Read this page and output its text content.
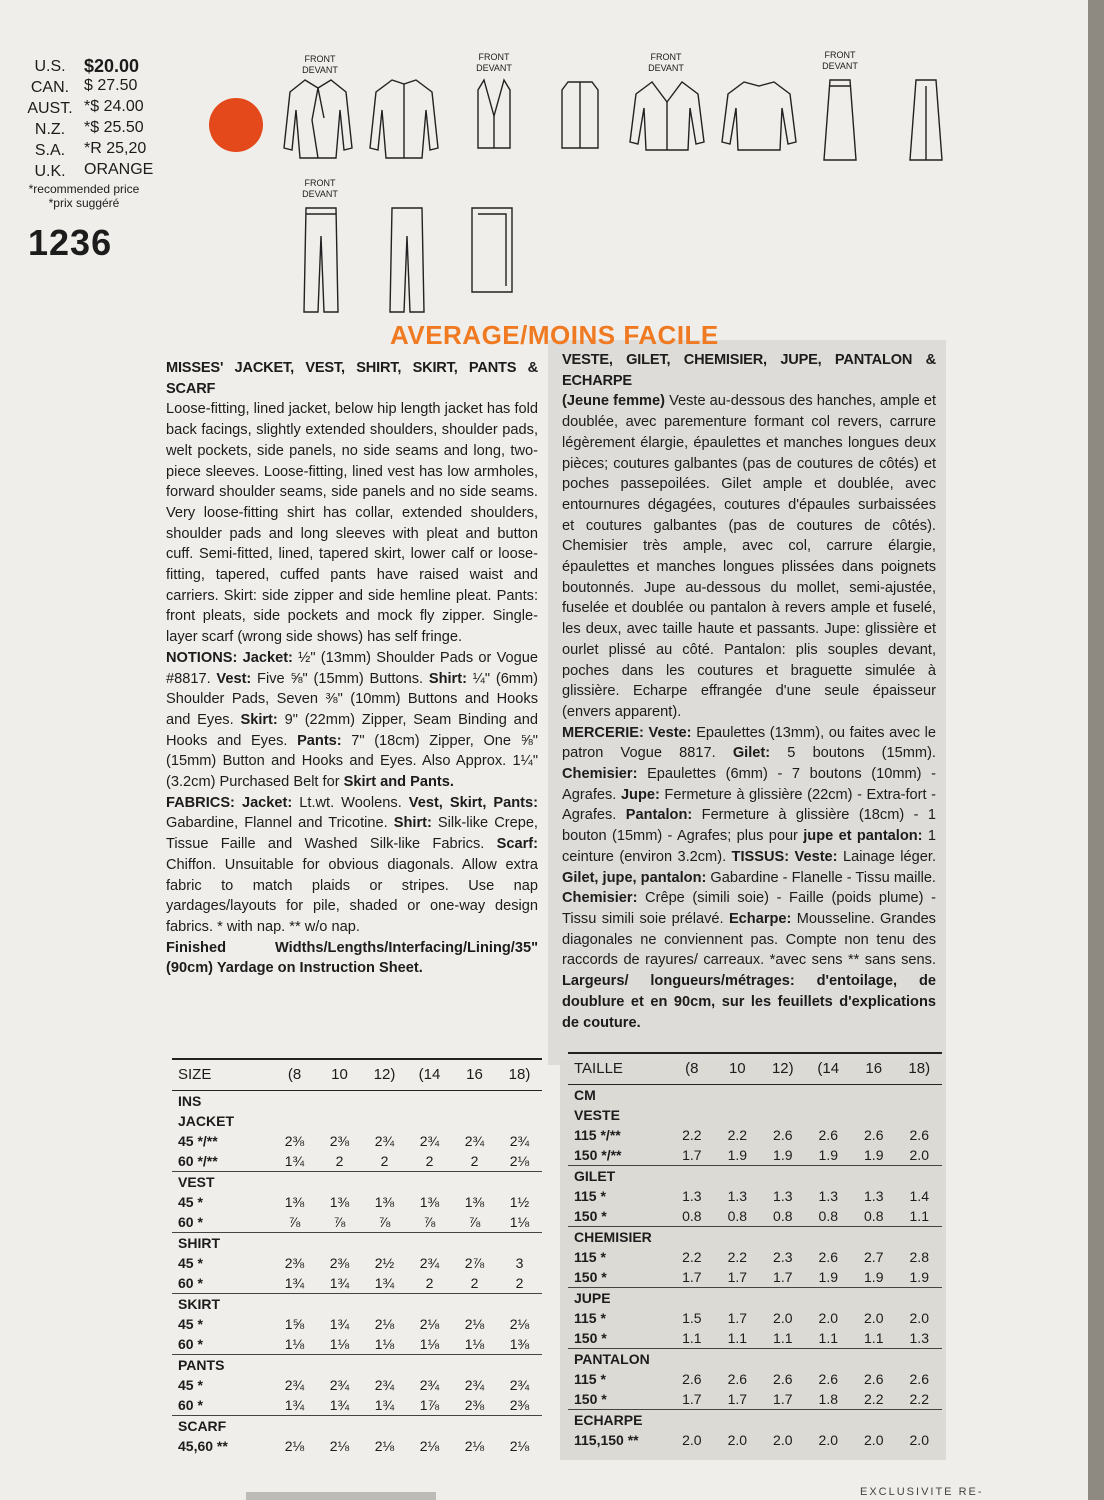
U.S.	$20.00
CAN. $ 27.50
AUST. *$ 24.00
N.Z.	*$ 25.50
S.A.	*R 25,20
U.K.	ORANGE
*recommended price
*prix suggéré
1236
FRONT
DEVANT
FRONT
DEVANT
FRONT
DEVANT
FRONT
DEVANT
FRONT
DEVANT
AVERAGE/MOINS FACILE
MISSES' JACKET, VEST, SHIRT, SKIRT, PANTS & SCARF
Loose-fitting, lined jacket, below hip length jacket has fold back facings, slightly extended shoulders, shoulder pads, welt pockets, side panels, no side seams and long, two-piece sleeves. Loose-fitting, lined vest has low armholes, forward shoulder seams, side panels and no side seams. Very loose-fitting shirt has collar, extended shoulders, shoulder pads and long sleeves with pleat and button cuff. Semi-fitted, lined, tapered skirt, lower calf or loose-fitting, tapered, cuffed pants have raised waist and carriers. Skirt: side zipper and side hemline pleat. Pants: front pleats, side pockets and mock fly zipper. Single-layer scarf (wrong side shows) has self fringe.
NOTIONS: Jacket: ½" (13mm) Shoulder Pads or Vogue #8817. Vest: Five ⅝" (15mm) Buttons. Shirt: ¼" (6mm) Shoulder Pads, Seven ⅜" (10mm) Buttons and Hooks and Eyes. Skirt: 9" (22mm) Zipper, Seam Binding and Hooks and Eyes. Pants: 7" (18cm) Zipper, One ⅝" (15mm) Button and Hooks and Eyes. Also Approx. 1¼" (3.2cm) Purchased Belt for Skirt and Pants.
FABRICS: Jacket: Lt.wt. Woolens. Vest, Skirt, Pants: Gabardine, Flannel and Tricotine. Shirt: Silk-like Crepe, Tissue Faille and Washed Silk-like Fabrics. Scarf: Chiffon. Unsuitable for obvious diagonals. Allow extra fabric to match plaids or stripes. Use nap yardages/layouts for pile, shaded or one-way design fabrics. * with nap. ** w/o nap.
Finished Widths/Lengths/Interfacing/Lining/35" (90cm) Yardage on Instruction Sheet.
VESTE, GILET, CHEMISIER, JUPE, PANTALON & ECHARPE
(Jeune femme) Veste au-dessous des hanches, ample et doublée, avec parementure formant col revers, carrure légèrement élargie, épaulettes et manches longues deux pièces; coutures galbantes (pas de coutures de côtés) et poches passepoilées. Gilet ample et doublée, avec entournures dégagées, coutures d'épaules surbaissées et coutures galbantes (pas de coutures de côtés). Chemisier très ample, avec col, carrure élargie, épaulettes et manches longues plissées dans poignets boutonnés. Jupe au-dessous du mollet, semi-ajustée, fuselée et doublée ou pantalon à revers ample et fuselé, les deux, avec taille haute et passants. Jupe: glissière et ourlet plissé au côté. Pantalon: plis souples devant, poches dans les coutures et braguette simulée à glissière. Echarpe effrangée d'une seule épaisseur (envers apparent).
MERCERIE: Veste: Epaulettes (13mm), ou faites avec le patron Vogue 8817. Gilet: 5 boutons (15mm). Chemisier: Epaulettes (6mm) - 7 boutons (10mm) - Agrafes. Jupe: Fermeture à glissière (22cm) - Extra-fort - Agrafes. Pantalon: Fermeture à glissière (18cm) - 1 bouton (15mm) - Agrafes; plus pour jupe et pantalon: 1 ceinture (environ 3.2cm). TISSUS: Veste: Lainage léger. Gilet, jupe, pantalon: Gabardine - Flanelle - Tissu maille. Chemisier: Crêpe (simili soie) - Faille (poids plume) - Tissu simili soie prélavé. Echarpe: Mousseline. Grandes diagonales ne conviennent pas. Compte non tenu des raccords de rayures/ carreaux. *avec sens ** sans sens. Largeurs/ longueurs/métrages: d'entoilage, de doublure et en 90cm, sur les feuillets d'explications de couture.
SIZE	(8	10	12)	(14	16	18)
INS						
JACKET						
45 */**	2⅜	2⅜	2¾	2¾	2¾	2¾
60 */**	1¾	2	2	2	2	2⅛
VEST						
45 *	1⅜	1⅜	1⅜	1⅜	1⅜	1½
60 *	⅞	⅞	⅞	⅞	⅞	1⅛
SHIRT						
45 *	2⅜	2⅜	2½	2¾	2⅞	3
60 *	1¾	1¾	1¾	2	2	2
SKIRT						
45 *	1⅝	1¾	2⅛	2⅛	2⅛	2⅛
60 *	1⅛	1⅛	1⅛	1⅛	1⅛	1⅜
PANTS						
45 *	2¾	2¾	2¾	2¾	2¾	2¾
60 *	1¾	1¾	1¾	1⅞	2⅜	2⅜
SCARF						
45,60 **	2⅛	2⅛	2⅛	2⅛	2⅛	2⅛
TAILLE	(8	10	12)	(14	16	18)
CM						
VESTE						
115 */**	2.2	2.2	2.6	2.6	2.6	2.6
150 */**	1.7	1.9	1.9	1.9	1.9	2.0
GILET						
115 *	1.3	1.3	1.3	1.3	1.3	1.4
150 *	0.8	0.8	0.8	0.8	0.8	1.1
CHEMISIER						
115 *	2.2	2.2	2.3	2.6	2.7	2.8
150 *	1.7	1.7	1.7	1.9	1.9	1.9
JUPE						
115 *	1.5	1.7	2.0	2.0	2.0	2.0
150 *	1.1	1.1	1.1	1.1	1.1	1.3
PANTALON						
115 *	2.6	2.6	2.6	2.6	2.6	2.6
150 *	1.7	1.7	1.7	1.8	2.2	2.2
ECHARPE						
115,150 **	2.0	2.0	2.0	2.0	2.0	2.0
EXCLUSIVITE RE-
